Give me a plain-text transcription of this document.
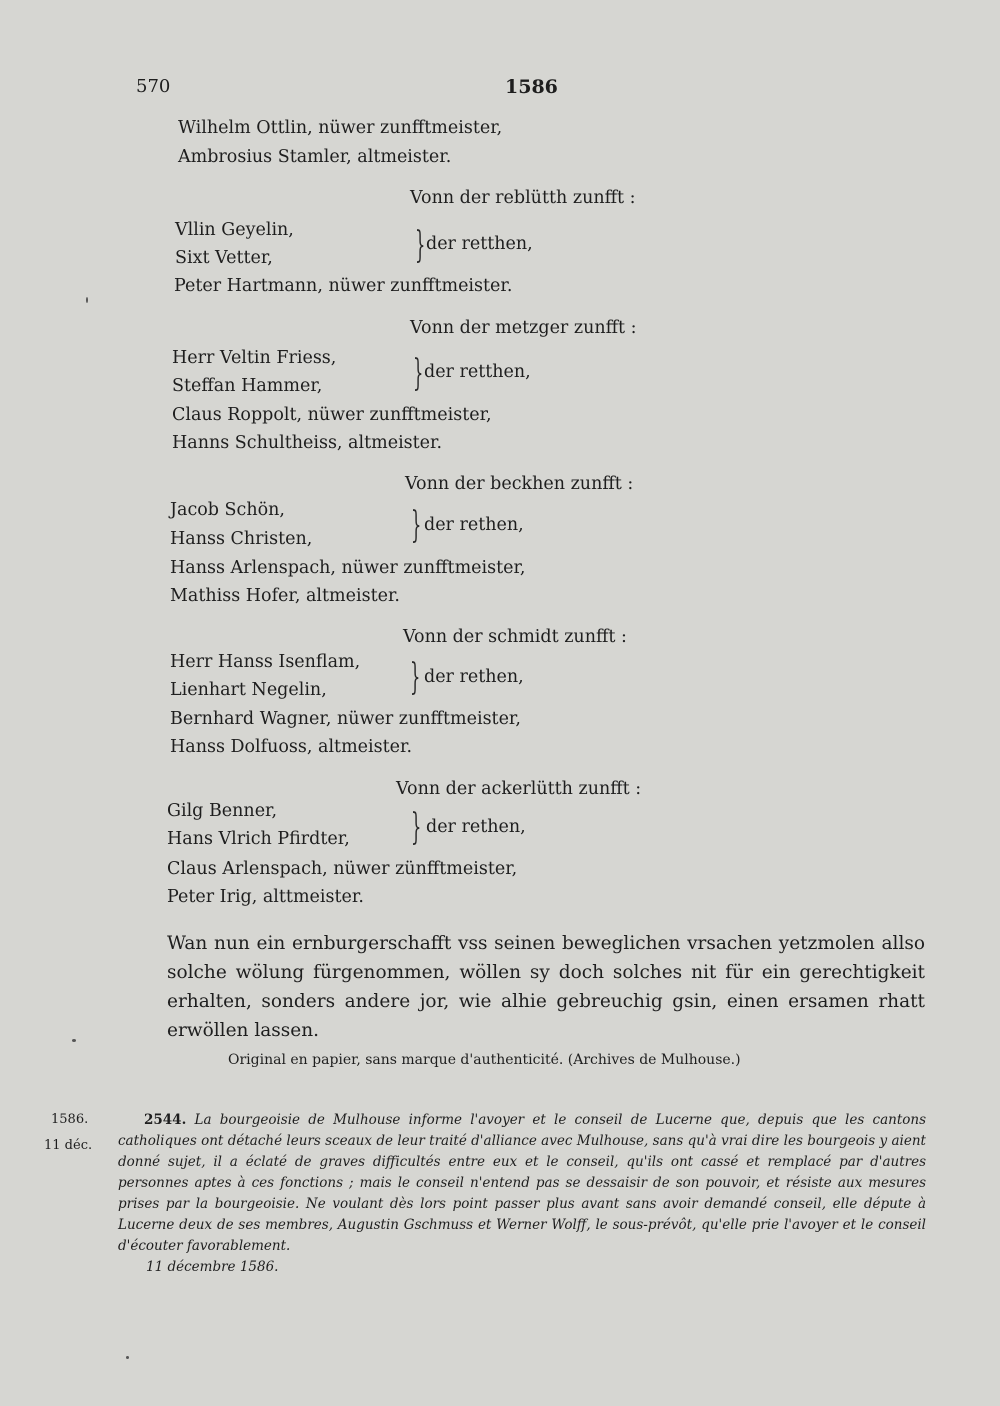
570	1586
Wilhelm Ottlin, nüwer zunfftmeister,
Ambrosius Stamler, altmeister.
Vonn der reblütth zunfft :
Vllin Geyelin,
Sixt Vetter,	} der retthen,
Peter Hartmann, nüwer zunfftmeister.
Vonn der metzger zunfft :
Herr Veltin Friess,
Steffan Hammer,	} der retthen,
Claus Roppolt, nüwer zunfftmeister,
Hanns Schultheiss, altmeister.
Vonn der beckhen zunfft :
Jacob Schön,
Hanss Christen,	} der rethen,
Hanss Arlenspach, nüwer zunfftmeister,
Mathiss Hofer, altmeister.
Vonn der schmidt zunfft :
Herr Hanss Isenflam,
Lienhart Negelin, } der rethen,
Bernhard Wagner, nüwer zunfftmeister,
Hanss Dolfuoss, altmeister.
Vonn der ackerlütth zunfft :
Gilg Benner,
Hans Vlrich Pfirdter, } der rethen,
Claus Arlenspach, nüwer zünfftmeister,
Peter Irig, alttmeister.
Wan nun ein ernburgerschafft vss seinen beweglichen vrsachen yetzmolen allso solche wölung fürgenommen, wöllen sy doch solches nit für ein gerechtigkeit erhalten, sonders andere jor, wie alhie gebreuchig gsin, einen ersamen rhatt erwöllen lassen.
Original en papier, sans marque d'authenticité. (Archives de Mulhouse.)
1586.
11 déc.
2544. La bourgeoisie de Mulhouse informe l'avoyer et le conseil de Lucerne que, depuis que les cantons catholiques ont détaché leurs sceaux de leur traité d'alliance avec Mulhouse, sans qu'à vrai dire les bourgeois y aient donné sujet, il a éclaté de graves difficultés entre eux et le conseil, qu'ils ont cassé et remplacé par d'autres personnes aptes à ces fonctions ; mais le conseil n'entend pas se dessaisir de son pouvoir, et résiste aux mesures prises par la bourgeoisie. Ne voulant dès lors point passer plus avant sans avoir demandé conseil, elle députe à Lucerne deux de ses membres, Augustin Gschmuss et Werner Wolff, le sous-prévôt, qu'elle prie l'avoyer et le conseil d'écouter favorablement.
11 décembre 1586.
